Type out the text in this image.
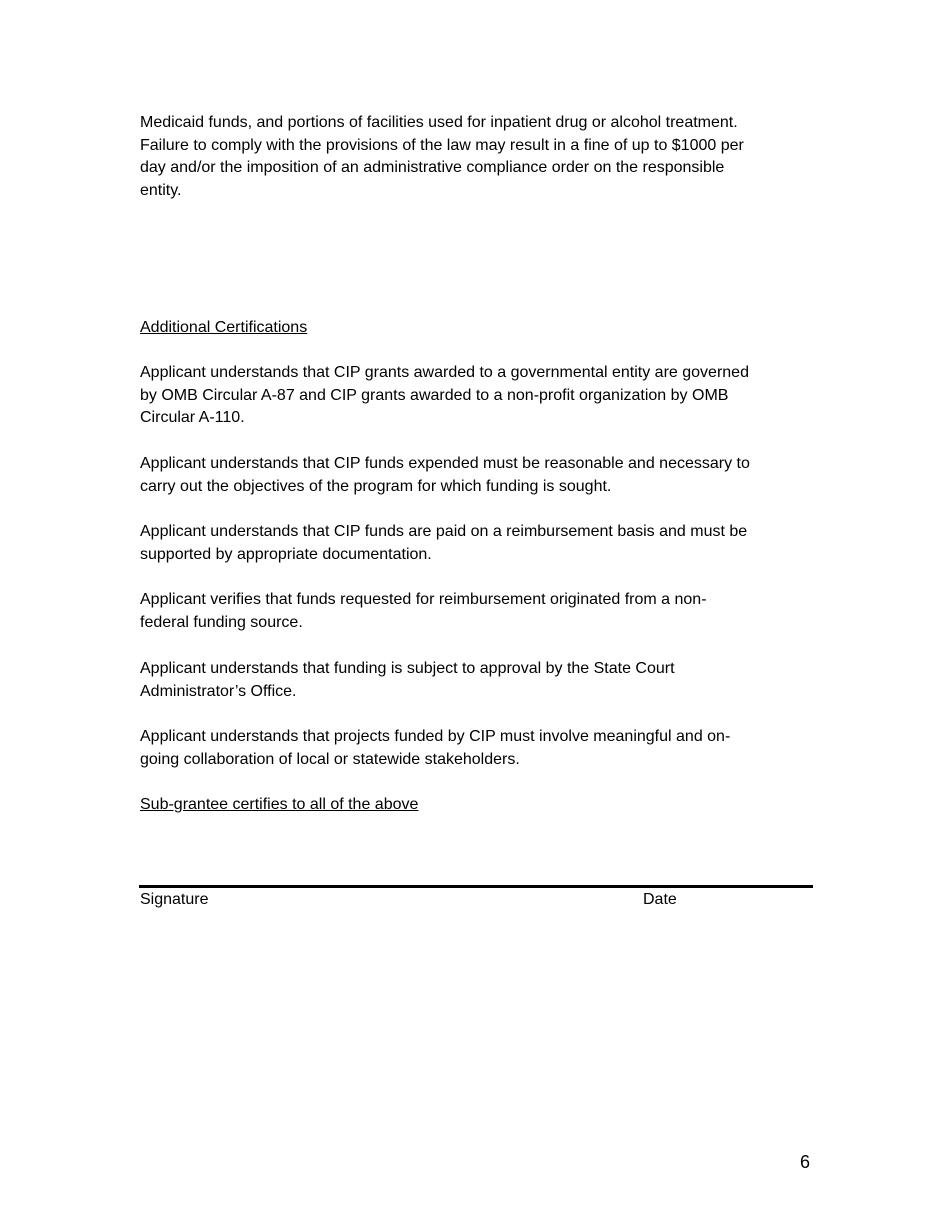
Medicaid funds, and portions of facilities used for inpatient drug or alcohol treatment.
Failure to comply with the provisions of the law may result in a fine of up to $1000 per
day and/or the imposition of an administrative compliance order on the responsible
entity.

Additional Certifications

Applicant understands that CIP grants awarded to a governmental entity are governed
by OMB Circular A-87 and CIP grants awarded to a non-profit organization by OMB
Circular A-110.

Applicant understands that CIP funds expended must be reasonable and necessary to
carry out the objectives of the program for which funding is sought.

Applicant understands that CIP funds are paid on a reimbursement basis and must be
supported by appropriate documentation.

Applicant verifies that funds requested for reimbursement originated from a non-
federal funding source.

Applicant understands that funding is subject to approval by the State Court
Administrator’s Office.

Applicant understands that projects funded by CIP must involve meaningful and on-
going collaboration of local or statewide stakeholders.

Sub-grantee certifies to all of the above

Signature	Date

6
